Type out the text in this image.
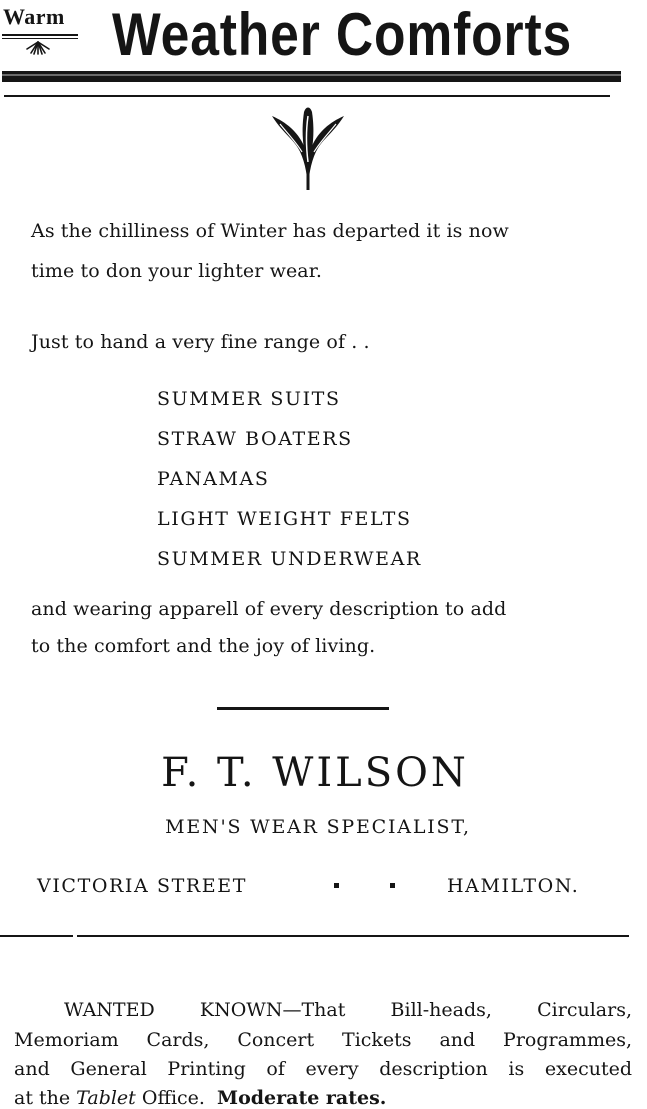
Warm Weather Comforts
As the chilliness of Winter has departed it is now
time to don your lighter wear.
Just to hand a very fine range of . .
SUMMER SUITS
STRAW BOATERS
PANAMAS
LIGHT WEIGHT FELTS
SUMMER UNDERWEAR
and wearing apparell of every description to add
to the comfort and the joy of living.
F. T. WILSON
MEN'S WEAR SPECIALIST,
VICTORIA STREET	HAMILTON.
WANTED KNOWN—That Bill-heads, Circulars,
Memoriam Cards, Concert Tickets and Programmes,
and General Printing of every description is executed
at the Tablet Office. Moderate rates.
